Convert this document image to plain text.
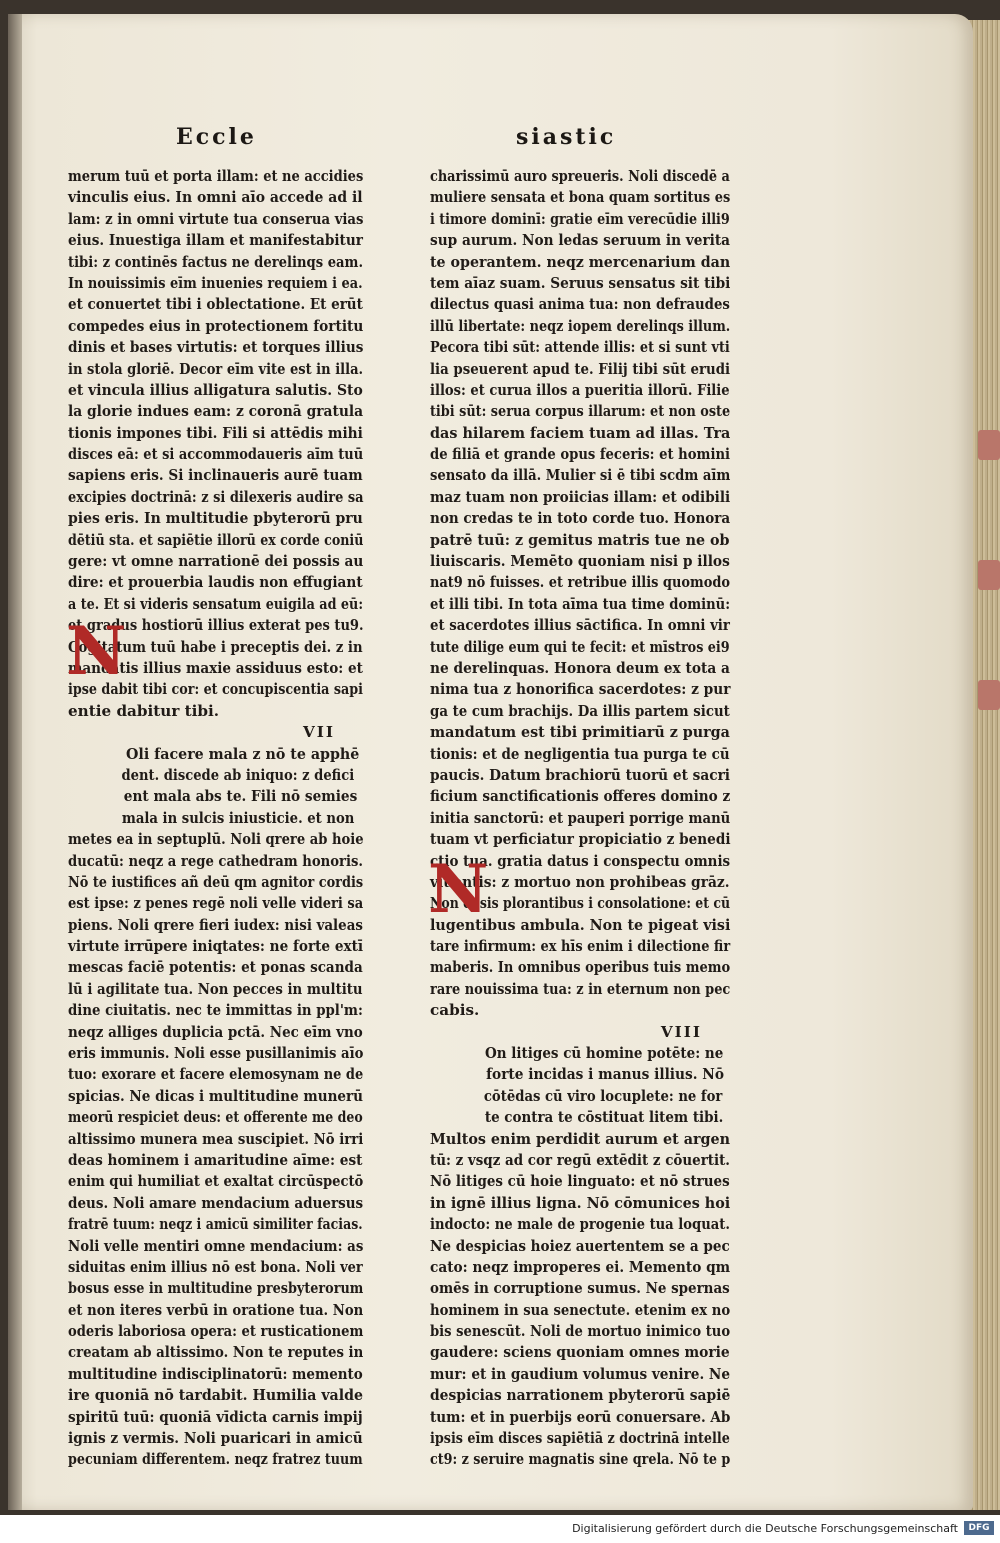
Eccle	siastic
merum tuū et porta illam: et ne accidies
vinculis eius. In omni aīo accede ad il
lam: z in omni virtute tua conserua vias
eius. Inuestiga illam et manifestabitur
tibi: z continēs factus ne derelinqs eam.
In nouissimis eīm inuenies requiem i ea.
et conuertet tibi i oblectatione. Et erūt
compedes eius in protectionem fortitu
dinis et bases virtutis: et torques illius
in stola gloriē. Decor eīm vite est in illa.
et vincula illius alligatura salutis. Sto
la glorie indues eam: z coronā gratula
tionis impones tibi. Fili si attēdis mihi
disces eā: et si accommodaueris aīm tuū
sapiens eris. Si inclinaueris aurē tuam
excipies doctrinā: z si dilexeris audire sa
pies eris. In multitudie pbyterorū pru
dētiū sta. et sapiētie illorū ex corde coniū
gere: vt omne narrationē dei possis au
dire: et prouerbia laudis non effugiant
a te. Et si videris sensatum euigila ad eū:
et gradus hostiorū illius exterat pes tu9.
Cogitatum tuū habe i preceptis dei. z in
mandatis illius maxie assiduus esto: et
ipse dabit tibi cor: et concupiscentia sapi
entie dabitur tibi.
VII
Oli facere mala z nō te apphē
dent. discede ab iniquo: z defici
ent mala abs te. Fili nō semies
mala in sulcis iniusticie. et non
metes ea in septuplū. Noli qrere ab hoie
ducatū: neqz a rege cathedram honoris.
Nō te iustifices añ deū qm agnitor cordis
est ipse: z penes regē noli velle videri sa
piens. Noli qrere fieri iudex: nisi valeas
virtute irrūpere iniqtates: ne forte extī
mescas faciē potentis: et ponas scanda
lū i agilitate tua. Non pecces in multitu
dine ciuitatis. nec te immittas in ppl'm:
neqz alliges duplicia pctā. Nec eīm vno
eris immunis. Noli esse pusillanimis aīo
tuo: exorare et facere elemosynam ne de
spicias. Ne dicas i multitudine munerū
meorū respiciet deus: et offerente me deo
altissimo munera mea suscipiet. Nō irri
deas hominem i amaritudine aīme: est
enim qui humiliat et exaltat circūspectō
deus. Noli amare mendacium aduersus
fratrē tuum: neqz i amicū similiter facias.
Noli velle mentiri omne mendacium: as
siduitas enim illius nō est bona. Noli ver
bosus esse in multitudine presbyterorum
et non iteres verbū in oratione tua. Non
oderis laboriosa opera: et rusticationem
creatam ab altissimo. Non te reputes in
multitudine indisciplinatorū: memento
ire quoniā nō tardabit. Humilia valde
spiritū tuū: quoniā vīdicta carnis impij
ignis z vermis. Noli puaricari in amicū
pecuniam differentem. neqz fratrez tuum
charissimū auro spreueris. Noli discedē a
muliere sensata et bona quam sortitus es
i timore dominī: gratie eīm verecūdie illi9
sup aurum. Non ledas seruum in verita
te operantem. neqz mercenarium dan
tem aīaz suam. Seruus sensatus sit tibi
dilectus quasi anima tua: non defraudes
illū libertate: neqz iopem derelinqs illum.
Pecora tibi sūt: attende illis: et si sunt vti
lia pseuerent apud te. Filij tibi sūt erudi
illos: et curua illos a pueritia illorū. Filie
tibi sūt: serua corpus illarum: et non oste
das hilarem faciem tuam ad illas. Tra
de filiā et grande opus feceris: et homini
sensato da illā. Mulier si ē tibi scdm aīm
maz tuam non proiicias illam: et odibili
non credas te in toto corde tuo. Honora
patrē tuū: z gemitus matris tue ne ob
liuiscaris. Memēto quoniam nisi p illos
nat9 nō fuisses. et retribue illis quomodo
et illi tibi. In tota aīma tua time dominū:
et sacerdotes illius sāctifica. In omni vir
tute dilige eum qui te fecit: et mīstros ei9
ne derelinquas. Honora deum ex tota a
nima tua z honorifica sacerdotes: z pur
ga te cum brachijs. Da illis partem sicut
mandatum est tibi primitiarū z purga
tionis: et de negligentia tua purga te cū
paucis. Datum brachiorū tuorū et sacri
ficium sanctificationis offeres domino z
initia sanctorū: et pauperi porrige manū
tuam vt perficiatur propiciatio z benedi
ctio tua. gratia datus i conspectu omnis
viuentis: z mortuo non prohibeas grāz.
Non desis plorantibus i consolatione: et cū
lugentibus ambula. Non te pigeat visi
tare infirmum: ex hīs enim i dilectione fir
maberis. In omnibus operibus tuis memo
rare nouissima tua: z in eternum non pec
cabis.
VIII
On litiges cū homine potēte: ne
forte incidas i manus illius. Nō
cōtēdas cū viro locuplete: ne for
te contra te cōstituat litem tibi.
Multos enim perdidit aurum et argen
tū: z vsqz ad cor regū extēdit z cōuertit.
Nō litiges cū hoie linguato: et nō strues
in ignē illius ligna. Nō cōmunices hoi
indocto: ne male de progenie tua loquat.
Ne despicias hoiez auertentem se a pec
cato: neqz improperes ei. Memento qm
omēs in corruptione sumus. Ne spernas
hominem in sua senectute. etenim ex no
bis senescūt. Noli de mortuo inimico tuo
gaudere: sciens quoniam omnes morie
mur: et in gaudium volumus venire. Ne
despicias narrationem pbyterorū sapiē
tum: et in puerbijs eorū conuersare. Ab
ipsis eīm disces sapiētiā z doctrinā intelle
ct9: z seruire magnatis sine qrela. Nō te p
N
N
Digitalisierung gefördert durch die Deutsche Forschungsgemeinschaft	DFG
